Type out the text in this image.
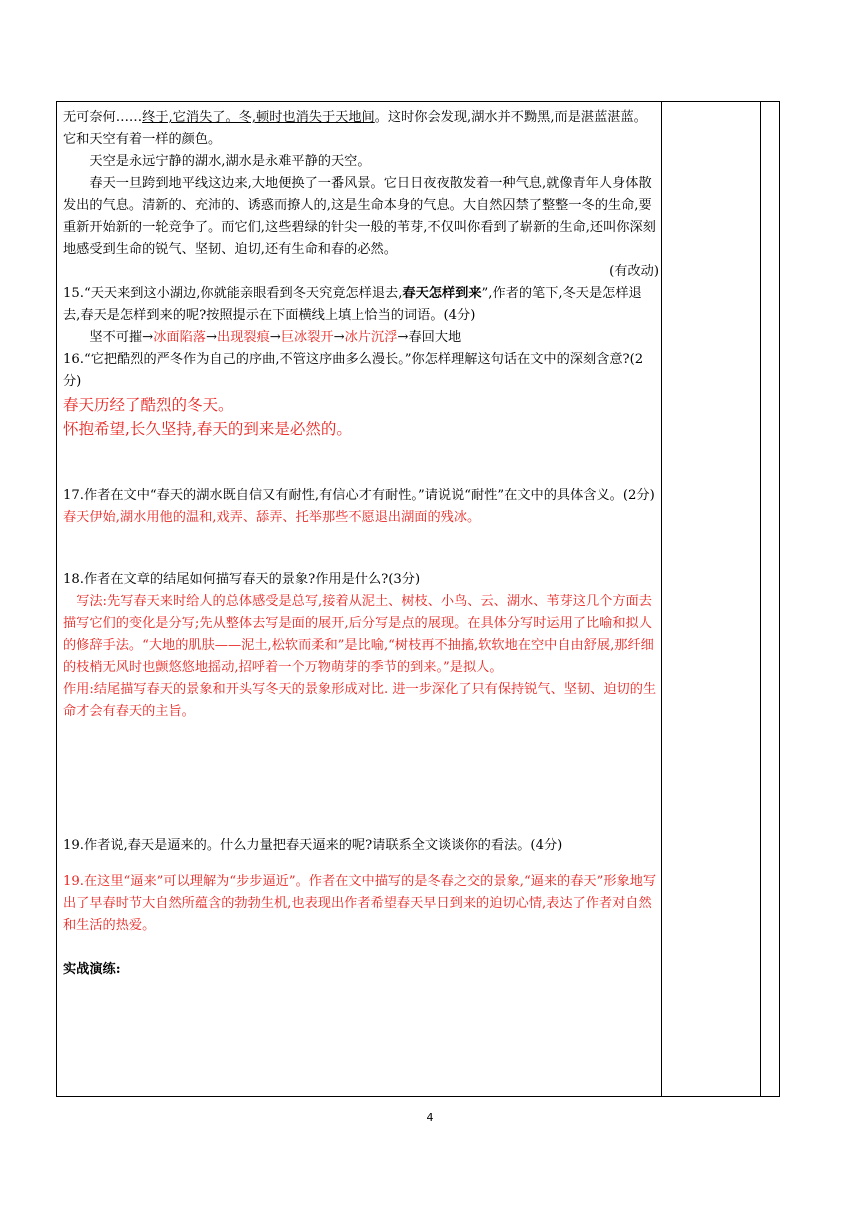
无可奈何……终于,它消失了。冬,顿时也消失于天地间。这时你会发现,湖水并不黝黑,而是湛蓝湛蓝。它和天空有着一样的颜色。

天空是永远宁静的湖水,湖水是永难平静的天空。

春天一旦跨到地平线这边来,大地便换了一番风景。它日日夜夜散发着一种气息,就像青年人身体散发出的气息。清新的、充沛的、诱惑而撩人的,这是生命本身的气息。大自然囚禁了整整一冬的生命,要重新开始新的一轮竞争了。而它们,这些碧绿的针尖一般的苇芽,不仅叫你看到了崭新的生命,还叫你深刻地感受到生命的锐气、坚韧、迫切,还有生命和春的必然。

(有改动)

15.“天天来到这小湖边,你就能亲眼看到冬天究竟怎样退去,春天怎样到来”,作者的笔下,冬天是怎样退去,春天是怎样到来的呢?按照提示在下面横线上填上恰当的词语。(4分)

坚不可摧→冰面陷落→出现裂痕→巨冰裂开→冰片沉浮→春回大地

16.“它把酷烈的严冬作为自己的序曲,不管这序曲多么漫长。”你怎样理解这句话在文中的深刻含意?(2分)

春天历经了酷烈的冬天。

怀抱希望,长久坚持,春天的到来是必然的。

17.作者在文中“春天的湖水既自信又有耐性,有信心才有耐性。”请说说“耐性”在文中的具体含义。(2分)

春天伊始,湖水用他的温和,戏弄、舔弄、托举那些不愿退出湖面的残冰。

18.作者在文章的结尾如何描写春天的景象?作用是什么?(3分)

写法:先写春天来时给人的总体感受是总写,接着从泥土、树枝、小鸟、云、湖水、苇芽这几个方面去描写它们的变化是分写;先从整体去写是面的展开,后分写是点的展现。在具体分写时运用了比喻和拟人的修辞手法。“大地的肌肤——泥土,松软而柔和”是比喻,“树枝再不抽搐,软软地在空中自由舒展,那纤细的枝梢无风时也颤悠悠地摇动,招呼着一个万物萌芽的季节的到来。”是拟人。

作用:结尾描写春天的景象和开头写冬天的景象形成对比. 进一步深化了只有保持锐气、坚韧、迫切的生命才会有春天的主旨。

19.作者说,春天是逼来的。什么力量把春天逼来的呢?请联系全文谈谈你的看法。(4分)

19.在这里“逼来”可以理解为“步步逼近”。作者在文中描写的是冬春之交的景象,“逼来的春天”形象地写出了早春时节大自然所蕴含的勃勃生机,也表现出作者希望春天早日到来的迫切心情,表达了作者对自然和生活的热爱。

实战演练:

4
